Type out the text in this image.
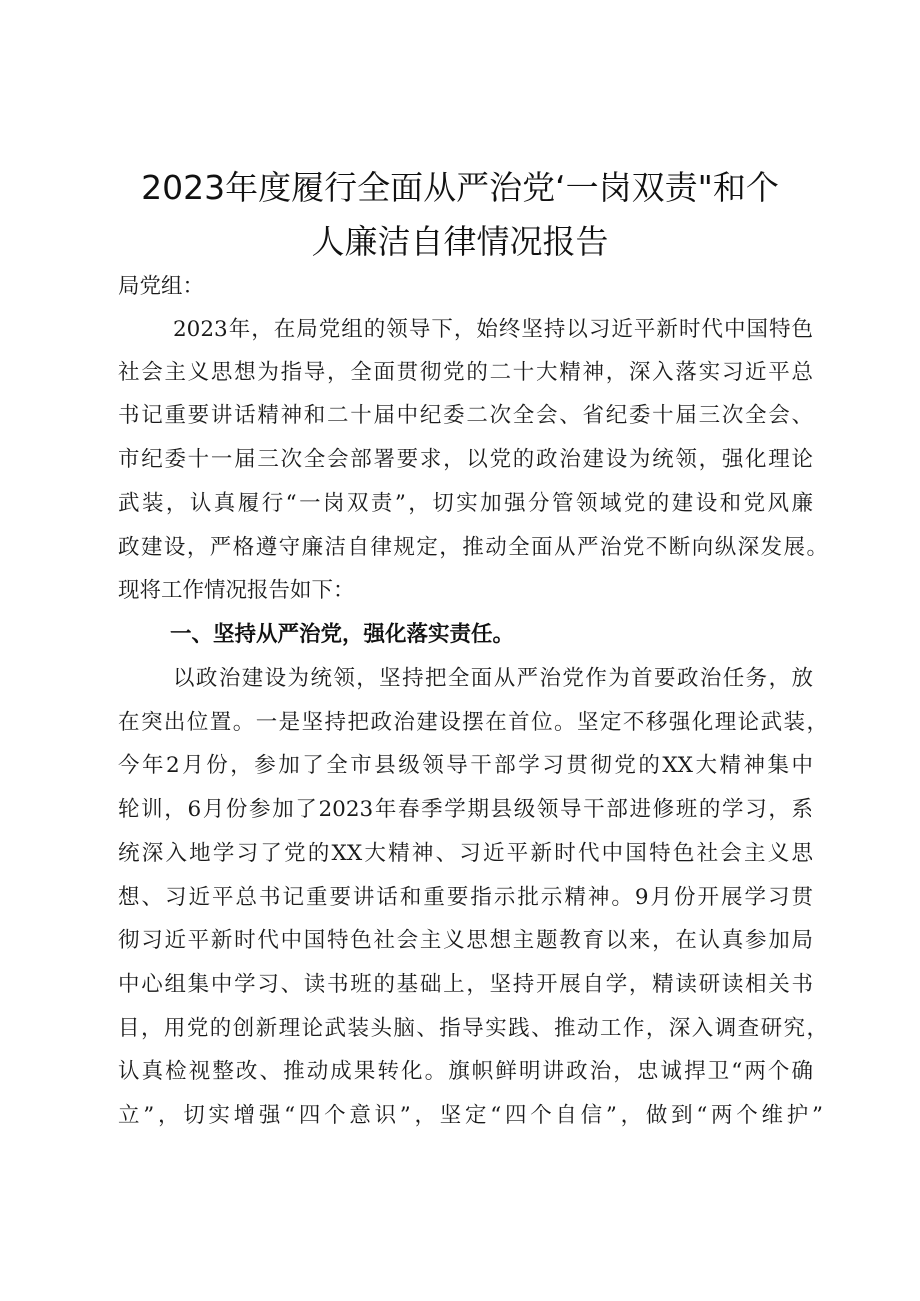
2023年度履行全面从严治党‘一岗双责"和个
人廉洁自律情况报告

局党组：

2023年，在局党组的领导下，始终坚持以习近平新时代中国特色

社会主义思想为指导，全面贯彻党的二十大精神，深入落实习近平总

书记重要讲话精神和二十届中纪委二次全会、省纪委十届三次全会、

市纪委十一届三次全会部署要求，以党的政治建设为统领，强化理论

武装，认真履行“一岗双责”，切实加强分管领域党的建设和党风廉

政建设，严格遵守廉洁自律规定，推动全面从严治党不断向纵深发展。

现将工作情况报告如下：

一、坚持从严治党，强化落实责任。

以政治建设为统领，坚持把全面从严治党作为首要政治任务，放

在突出位置。一是坚持把政治建设摆在首位。坚定不移强化理论武装，

今年2月份，参加了全市县级领导干部学习贯彻党的XX大精神集中

轮训，6月份参加了2023年春季学期县级领导干部进修班的学习，系

统深入地学习了党的XX大精神、习近平新时代中国特色社会主义思

想、习近平总书记重要讲话和重要指示批示精神。9月份开展学习贯

彻习近平新时代中国特色社会主义思想主题教育以来，在认真参加局

中心组集中学习、读书班的基础上，坚持开展自学，精读研读相关书

目，用党的创新理论武装头脑、指导实践、推动工作，深入调查研究，

认真检视整改、推动成果转化。旗帜鲜明讲政治，忠诚捍卫“两个确

立”，切实增强“四个意识”，坚定“四个自信”，做到“两个维护”
